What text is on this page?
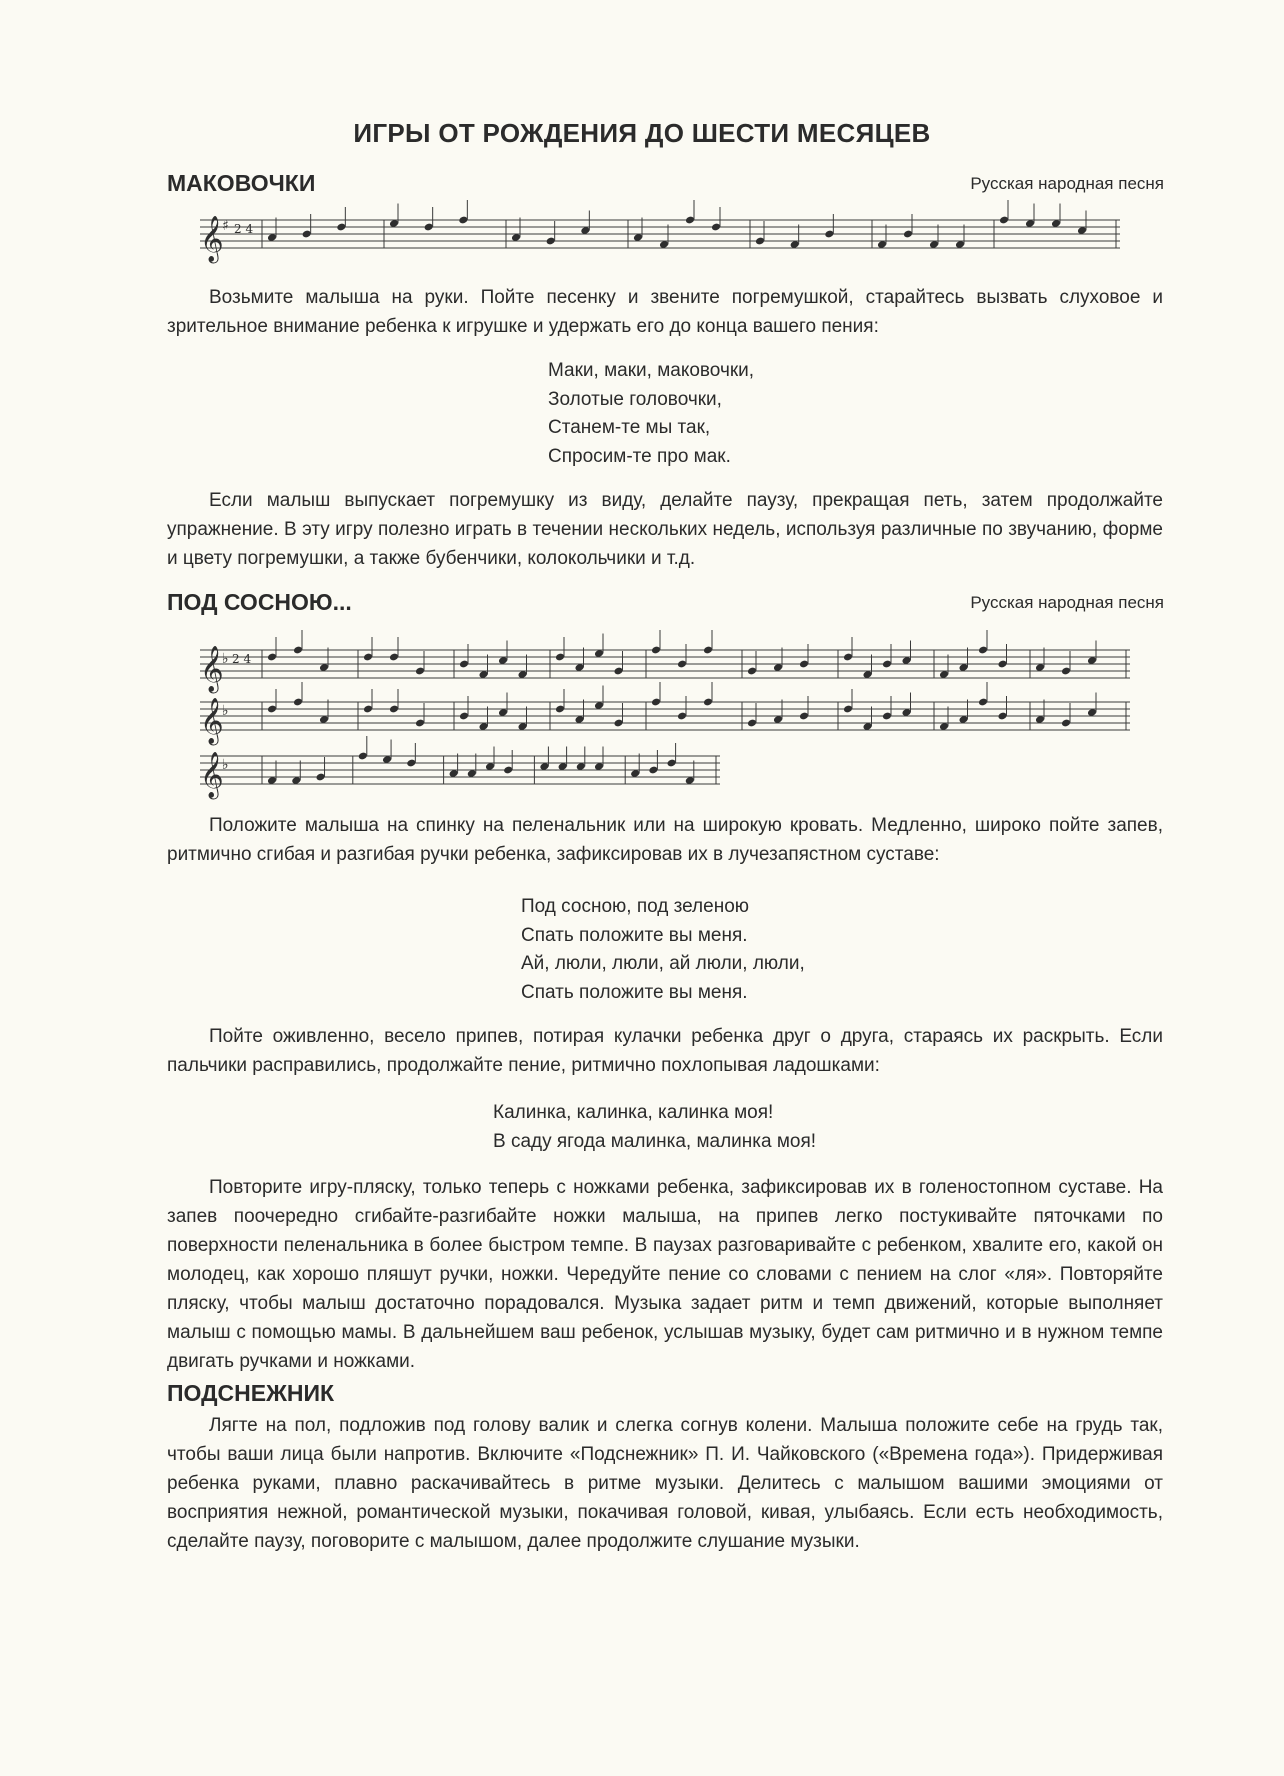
ИГРЫ ОТ РОЖДЕНИЯ ДО ШЕСТИ МЕСЯЦЕВ
МАКОВОЧКИ	Русская народная песня
𝄞
♯ 2 4

Возьмите малыша на руки. Пойте песенку и звените погремушкой, старайтесь вызвать слуховое и зрительное внимание ребенка к игрушке и удержать его до конца вашего пения:

Маки, маки, маковочки,
Золотые головочки,
Станем-те мы так,
Спросим-те про мак.

Если малыш выпускает погремушку из виду, делайте паузу, прекращая петь, затем продолжайте упражнение. В эту игру полезно играть в течении нескольких недель, используя различные по звучанию, форме и цвету погремушки, а также бубенчики, колокольчики и т.д.

ПОД СОСНОЮ...	Русская народная песня
𝄞
♭ 2 4
𝄞
♭
𝄞
♭

Положите малыша на спинку на пеленальник или на широкую кровать. Медленно, широко пойте запев, ритмично сгибая и разгибая ручки ребенка, зафиксировав их в лучезапястном суставе:

Под сосною, под зеленою
Спать положите вы меня.
Ай, люли, люли, ай люли, люли,
Спать положите вы меня.

Пойте оживленно, весело припев, потирая кулачки ребенка друг о друга, стараясь их раскрыть. Если пальчики расправились, продолжайте пение, ритмично похлопывая ладошками:

Калинка, калинка, калинка моя!
В саду ягода малинка, малинка моя!

Повторите игру-пляску, только теперь с ножками ребенка, зафиксировав их в голеностопном суставе. На запев поочередно сгибайте-разгибайте ножки малыша, на припев легко постукивайте пяточками по поверхности пеленальника в более быстром темпе. В паузах разговаривайте с ребенком, хвалите его, какой он молодец, как хорошо пляшут ручки, ножки. Чередуйте пение со словами с пением на слог «ля». Повторяйте пляску, чтобы малыш достаточно порадовался. Музыка задает ритм и темп движений, которые выполняет малыш с помощью мамы. В дальнейшем ваш ребенок, услышав музыку, будет сам ритмично и в нужном темпе двигать ручками и ножками.

ПОДСНЕЖНИК

Лягте на пол, подложив под голову валик и слегка согнув колени. Малыша положите себе на грудь так, чтобы ваши лица были напротив. Включите «Подснежник» П. И. Чайковского («Времена года»). Придерживая ребенка руками, плавно раскачивайтесь в ритме музыки. Делитесь с малышом вашими эмоциями от восприятия нежной, романтической музыки, покачивая головой, кивая, улыбаясь. Если есть необходимость, сделайте паузу, поговорите с малышом, далее продолжите слушание музыки.
